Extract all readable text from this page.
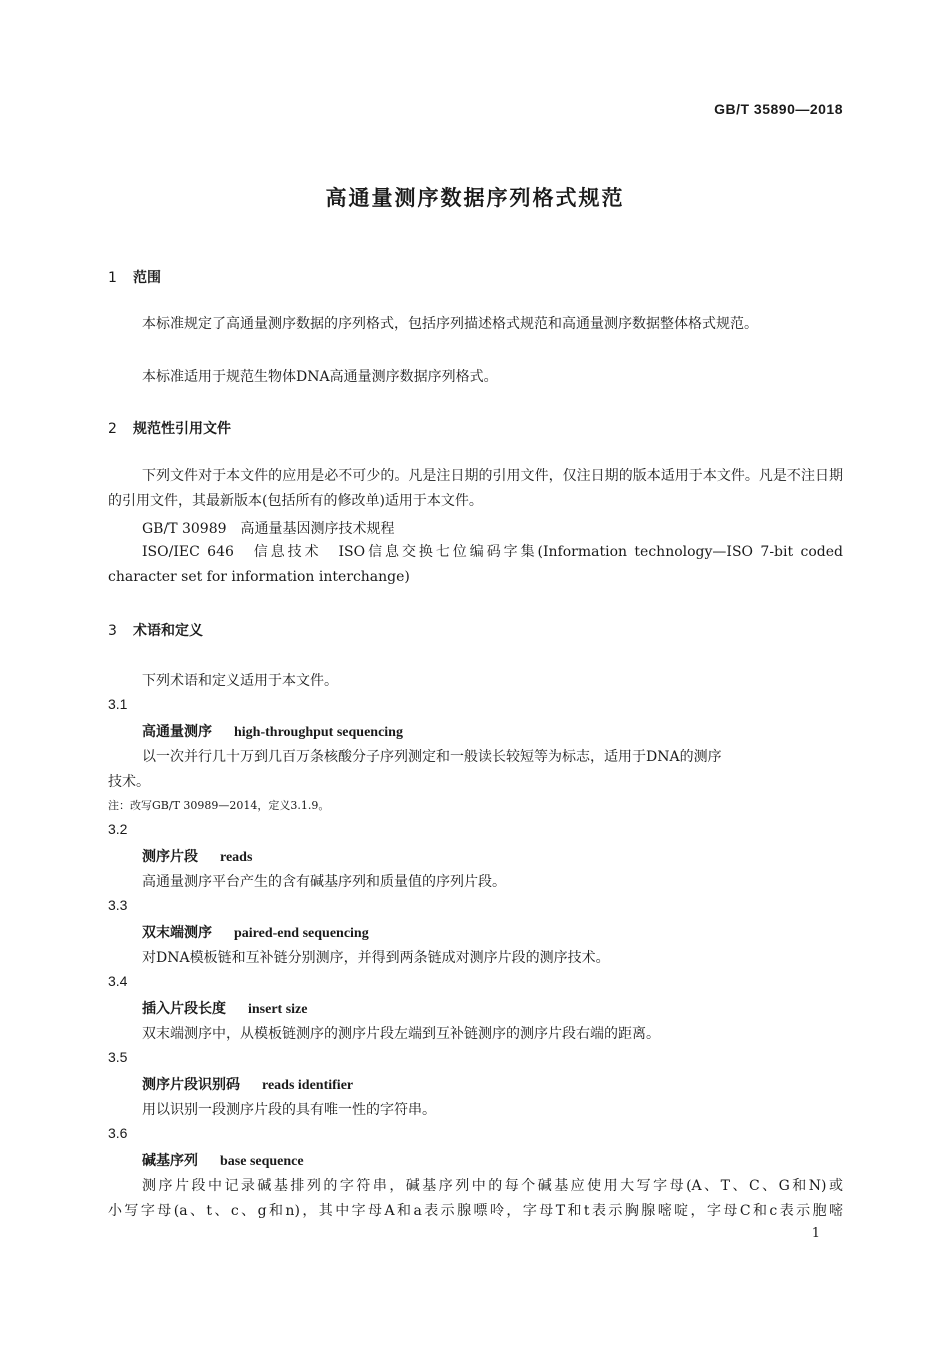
GB/T 35890—2018
高通量测序数据序列格式规范
1 范围
本标准规定了高通量测序数据的序列格式，包括序列描述格式规范和高通量测序数据整体格式规范。
本标准适用于规范生物体DNA高通量测序数据序列格式。
2 规范性引用文件
下列文件对于本文件的应用是必不可少的。凡是注日期的引用文件，仅注日期的版本适用于本文件。凡是不注日期的引用文件，其最新版本(包括所有的修改单)适用于本文件。
GB/T 30989　高通量基因测序技术规程
ISO/IEC 646　信息技术　ISO信息交换七位编码字集(Information technology—ISO 7-bit coded character set for information interchange)
3 术语和定义
下列术语和定义适用于本文件。
3.1
高通量测序 high-throughput sequencing
以一次并行几十万到几百万条核酸分子序列测定和一般读长较短等为标志，适用于DNA的测序
技术。
注：改写GB/T 30989—2014，定义3.1.9。
3.2
测序片段 reads
高通量测序平台产生的含有碱基序列和质量值的序列片段。
3.3
双末端测序 paired-end sequencing
对DNA模板链和互补链分别测序，并得到两条链成对测序片段的测序技术。
3.4
插入片段长度 insert size
双末端测序中，从模板链测序的测序片段左端到互补链测序的测序片段右端的距离。
3.5
测序片段识别码 reads identifier
用以识别一段测序片段的具有唯一性的字符串。
3.6
碱基序列 base sequence
测序片段中记录碱基排列的字符串，碱基序列中的每个碱基应使用大写字母(A、T、C、G和N)或
小写字母(a、t、c、g和n)，其中字母A和a表示腺嘌呤，字母T和t表示胸腺嘧啶，字母C和c表示胞嘧
1
